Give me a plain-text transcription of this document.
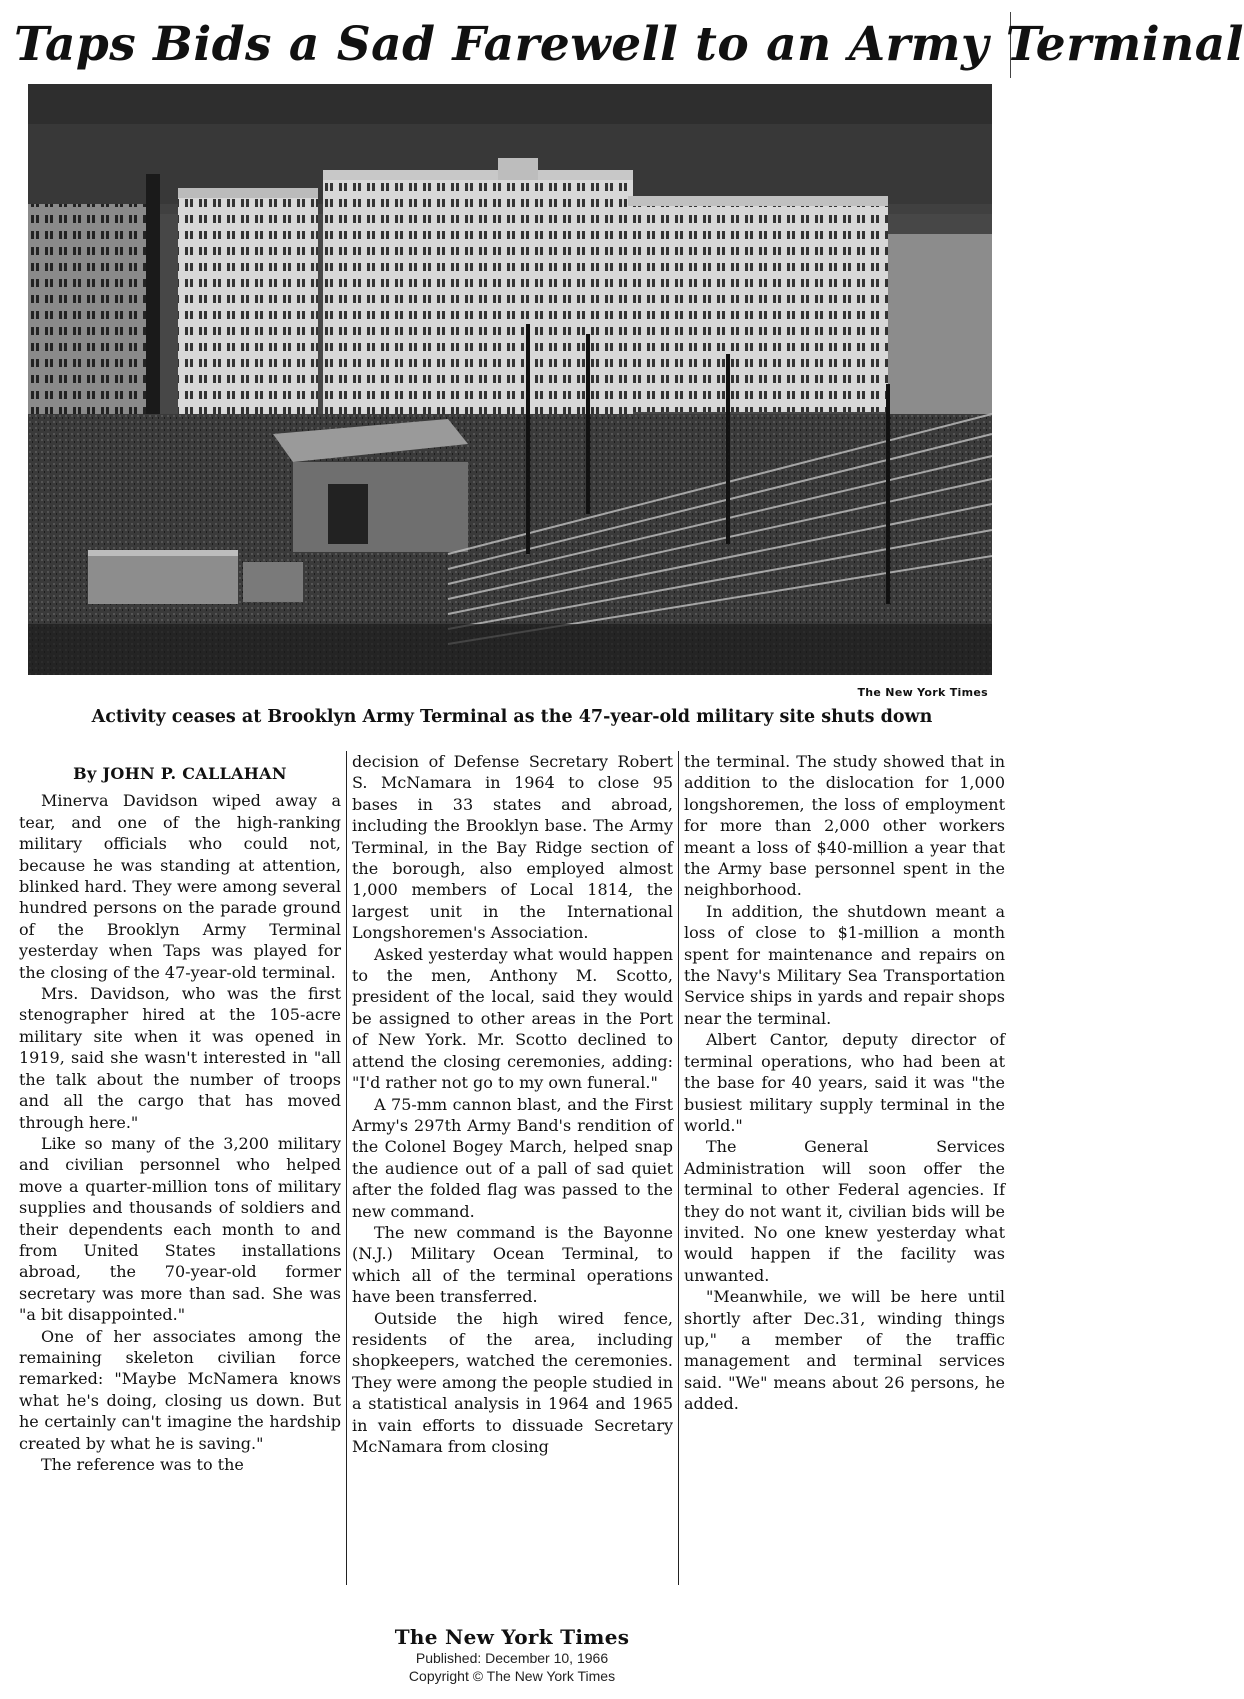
Taps Bids a Sad Farewell to an Army Terminal
The New York Times
Activity ceases at Brooklyn Army Terminal as the 47-year-old military site shuts down
By JOHN P. CALLAHAN

Minerva Davidson wiped away a tear, and one of the high-ranking military officials who could not, because he was standing at attention, blinked hard. They were among several hundred persons on the parade ground of the Brooklyn Army Terminal yesterday when Taps was played for the closing of the 47-year-old terminal.

Mrs. Davidson, who was the first stenographer hired at the 105-acre military site when it was opened in 1919, said she wasn't interested in "all the talk about the number of troops and all the cargo that has moved through here."

Like so many of the 3,200 military and civilian personnel who helped move a quarter-million tons of military supplies and thousands of soldiers and their dependents each month to and from United States installations abroad, the 70-year-old former secretary was more than sad. She was "a bit disappointed."

One of her associates among the remaining skeleton civilian force remarked: "Maybe McNamera knows what he's doing, closing us down. But he certainly can't imagine the hardship created by what he is saving."

The reference was to the

decision of Defense Secretary Robert S. McNamara in 1964 to close 95 bases in 33 states and abroad, including the Brooklyn base. The Army Terminal, in the Bay Ridge section of the borough, also employed almost 1,000 members of Local 1814, the largest unit in the International Longshoremen's Association.

Asked yesterday what would happen to the men, Anthony M. Scotto, president of the local, said they would be assigned to other areas in the Port of New York. Mr. Scotto declined to attend the closing ceremonies, adding: "I'd rather not go to my own funeral."

A 75-mm cannon blast, and the First Army's 297th Army Band's rendition of the Colonel Bogey March, helped snap the audience out of a pall of sad quiet after the folded flag was passed to the new command.

The new command is the Bayonne (N.J.) Military Ocean Terminal, to which all of the terminal operations have been transferred.

Outside the high wired fence, residents of the area, including shopkeepers, watched the ceremonies. They were among the people studied in a statistical analysis in 1964 and 1965 in vain efforts to dissuade Secretary McNamara from closing

the terminal. The study showed that in addition to the dislocation for 1,000 longshoremen, the loss of employment for more than 2,000 other workers meant a loss of $40-million a year that the Army base personnel spent in the neighborhood.

In addition, the shutdown meant a loss of close to $1-million a month spent for maintenance and repairs on the Navy's Military Sea Transportation Service ships in yards and repair shops near the terminal.

Albert Cantor, deputy director of terminal operations, who had been at the base for 40 years, said it was "the busiest military supply terminal in the world."

The General Services Administration will soon offer the terminal to other Federal agencies. If they do not want it, civilian bids will be invited. No one knew yesterday what would happen if the facility was unwanted.

"Meanwhile, we will be here until shortly after Dec.31, winding things up," a member of the traffic management and terminal services said. "We" means about 26 persons, he added.

The New York Times
Published: December 10, 1966
Copyright © The New York Times
